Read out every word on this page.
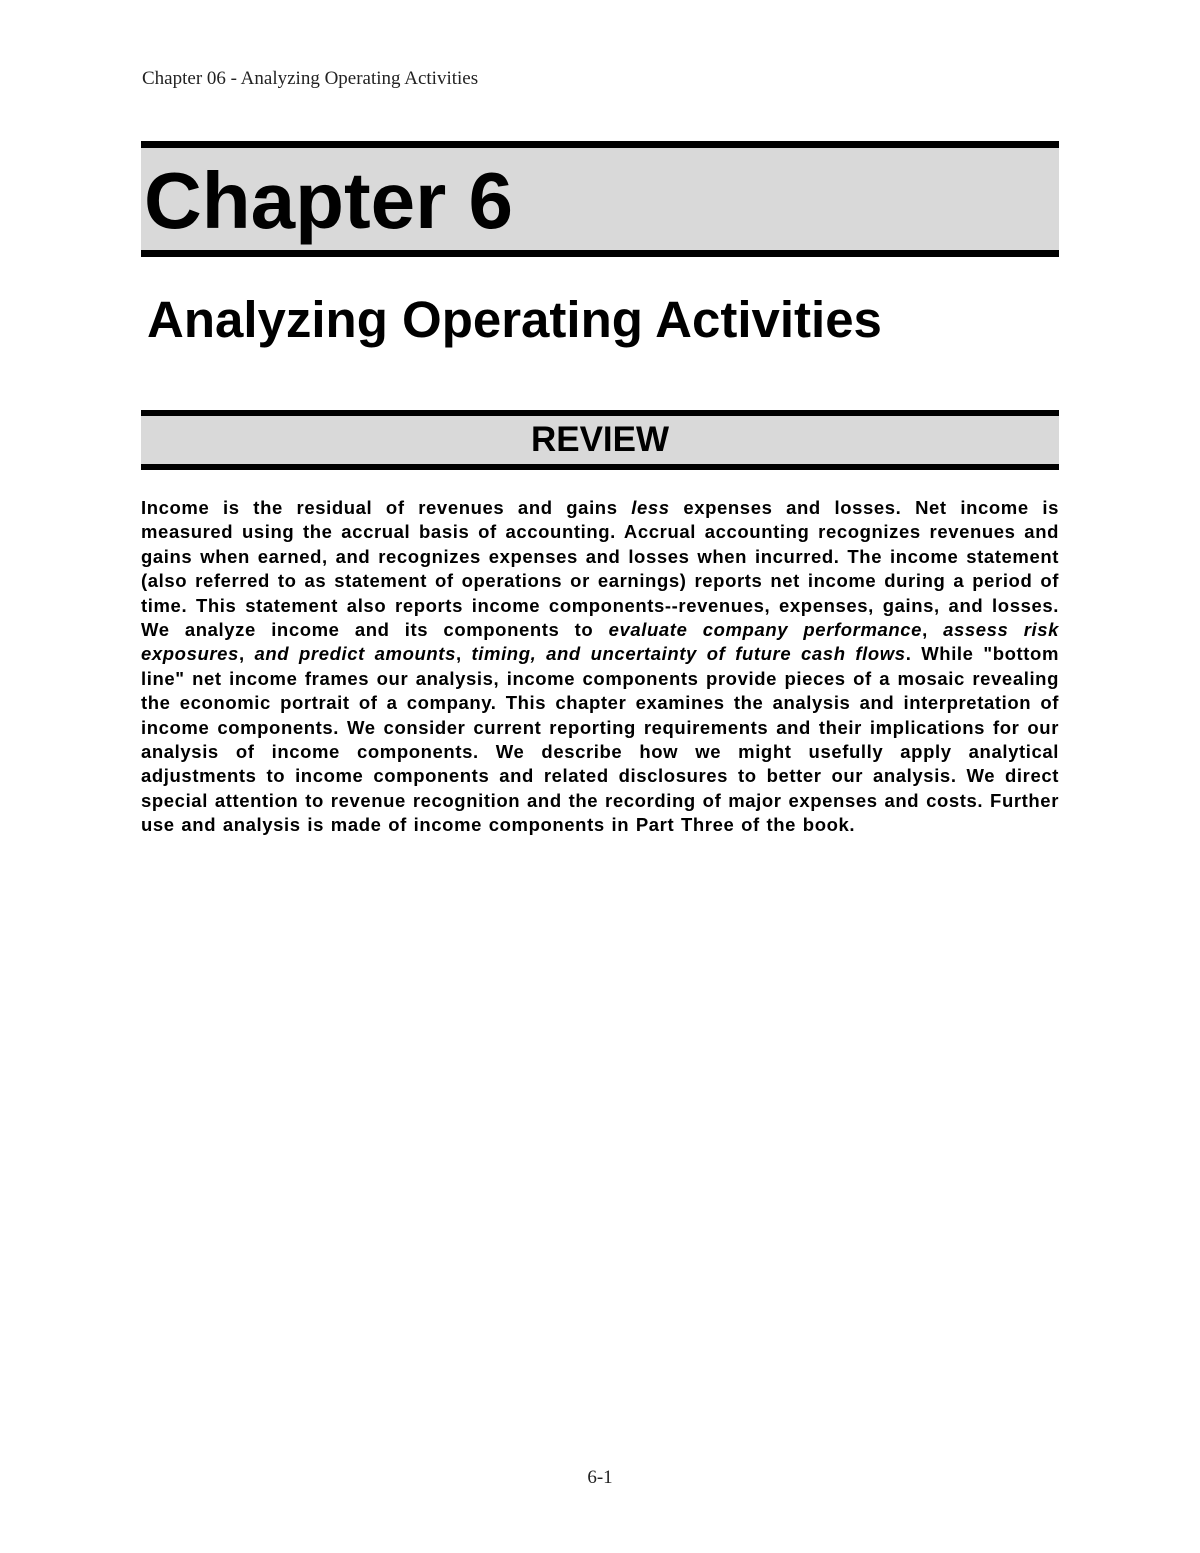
Chapter 06 - Analyzing Operating Activities
Chapter 6
Analyzing Operating Activities
REVIEW

Income is the residual of revenues and gains less expenses and losses. Net income is measured using the accrual basis of accounting. Accrual accounting recognizes revenues and gains when earned, and recognizes expenses and losses when incurred. The income statement (also referred to as statement of operations or earnings) reports net income during a period of time. This statement also reports income components--revenues, expenses, gains, and losses. We analyze income and its components to evaluate company performance, assess risk exposures, and predict amounts, timing, and uncertainty of future cash flows. While "bottom line" net income frames our analysis, income components provide pieces of a mosaic revealing the economic portrait of a company. This chapter examines the analysis and interpretation of income components. We consider current reporting requirements and their implications for our analysis of income components. We describe how we might usefully apply analytical adjustments to income components and related disclosures to better our analysis. We direct special attention to revenue recognition and the recording of major expenses and costs. Further use and analysis is made of income components in Part Three of the book.

6-1
